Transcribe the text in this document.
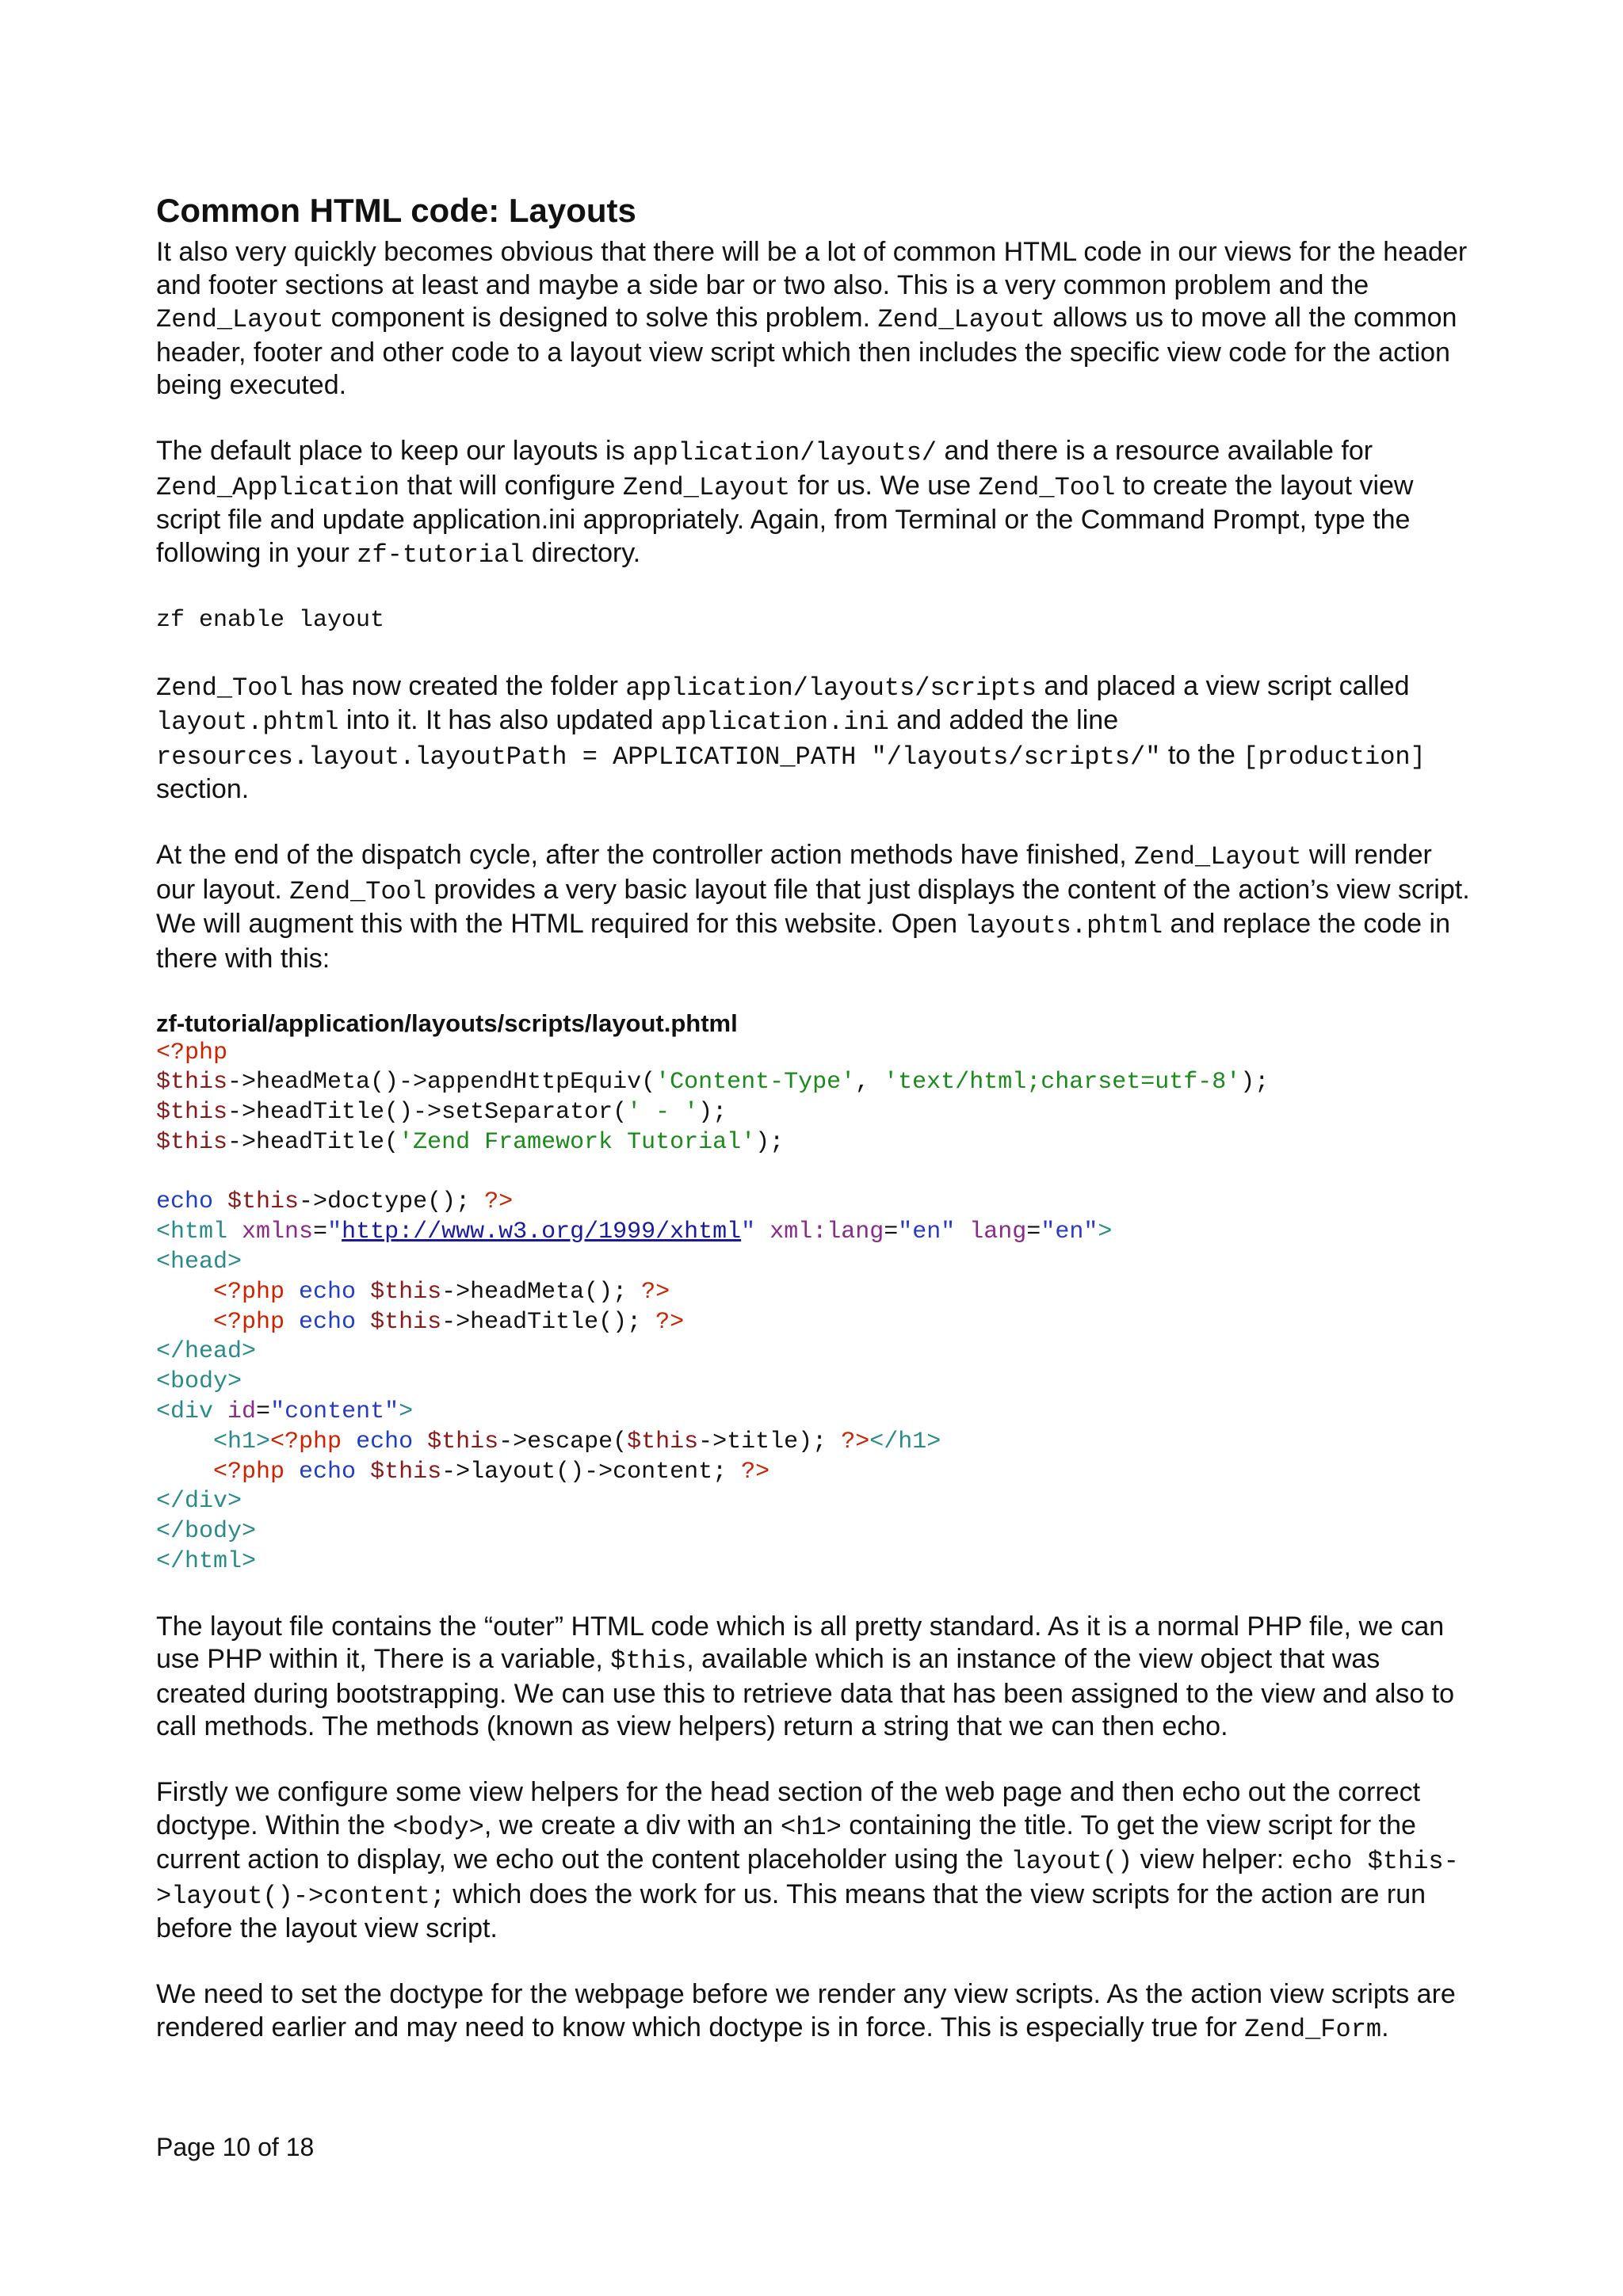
Common HTML code: Layouts

It also very quickly becomes obvious that there will be a lot of common HTML code in our views for the header and footer sections at least and maybe a side bar or two also. This is a very common problem and the Zend_Layout component is designed to solve this problem. Zend_Layout allows us to move all the common header, footer and other code to a layout view script which then includes the specific view code for the action being executed.

The default place to keep our layouts is application/layouts/ and there is a resource available for Zend_Application that will configure Zend_Layout for us. We use Zend_Tool to create the layout view script file and update application.ini appropriately. Again, from Terminal or the Command Prompt, type the following in your zf-tutorial directory.

zf enable layout

Zend_Tool has now created the folder application/layouts/scripts and placed a view script called layout.phtml into it. It has also updated application.ini and added the line resources.layout.layoutPath = APPLICATION_PATH "/layouts/scripts/" to the [production] section.

At the end of the dispatch cycle, after the controller action methods have finished, Zend_Layout will render our layout. Zend_Tool provides a very basic layout file that just displays the content of the action’s view script. We will augment this with the HTML required for this website. Open layouts.phtml and replace the code in there with this:

zf-tutorial/application/layouts/scripts/layout.phtml
<?php
$this->headMeta()->appendHttpEquiv('Content-Type', 'text/html;charset=utf-8');
$this->headTitle()->setSeparator(' - ');
$this->headTitle('Zend Framework Tutorial');
echo $this->doctype(); ?>
<html xmlns="http://www.w3.org/1999/xhtml" xml:lang="en" lang="en">
<head>
<?php echo $this->headMeta(); ?>
<?php echo $this->headTitle(); ?>
</head>
<body>
<div id="content">
<h1><?php echo $this->escape($this->title); ?></h1>
<?php echo $this->layout()->content; ?>
</div>
</body>
</html>

The layout file contains the “outer” HTML code which is all pretty standard. As it is a normal PHP file, we can use PHP within it, There is a variable, $this, available which is an instance of the view object that was created during bootstrapping. We can use this to retrieve data that has been assigned to the view and also to call methods. The methods (known as view helpers) return a string that we can then echo.

Firstly we configure some view helpers for the head section of the web page and then echo out the correct doctype. Within the <body>, we create a div with an <h1> containing the title. To get the view script for the current action to display, we echo out the content placeholder using the layout() view helper: echo $this->layout()->content; which does the work for us. This means that the view scripts for the action are run before the layout view script.

We need to set the doctype for the webpage before we render any view scripts. As the action view scripts are rendered earlier and may need to know which doctype is in force. This is especially true for Zend_Form.

Page 10 of 18
